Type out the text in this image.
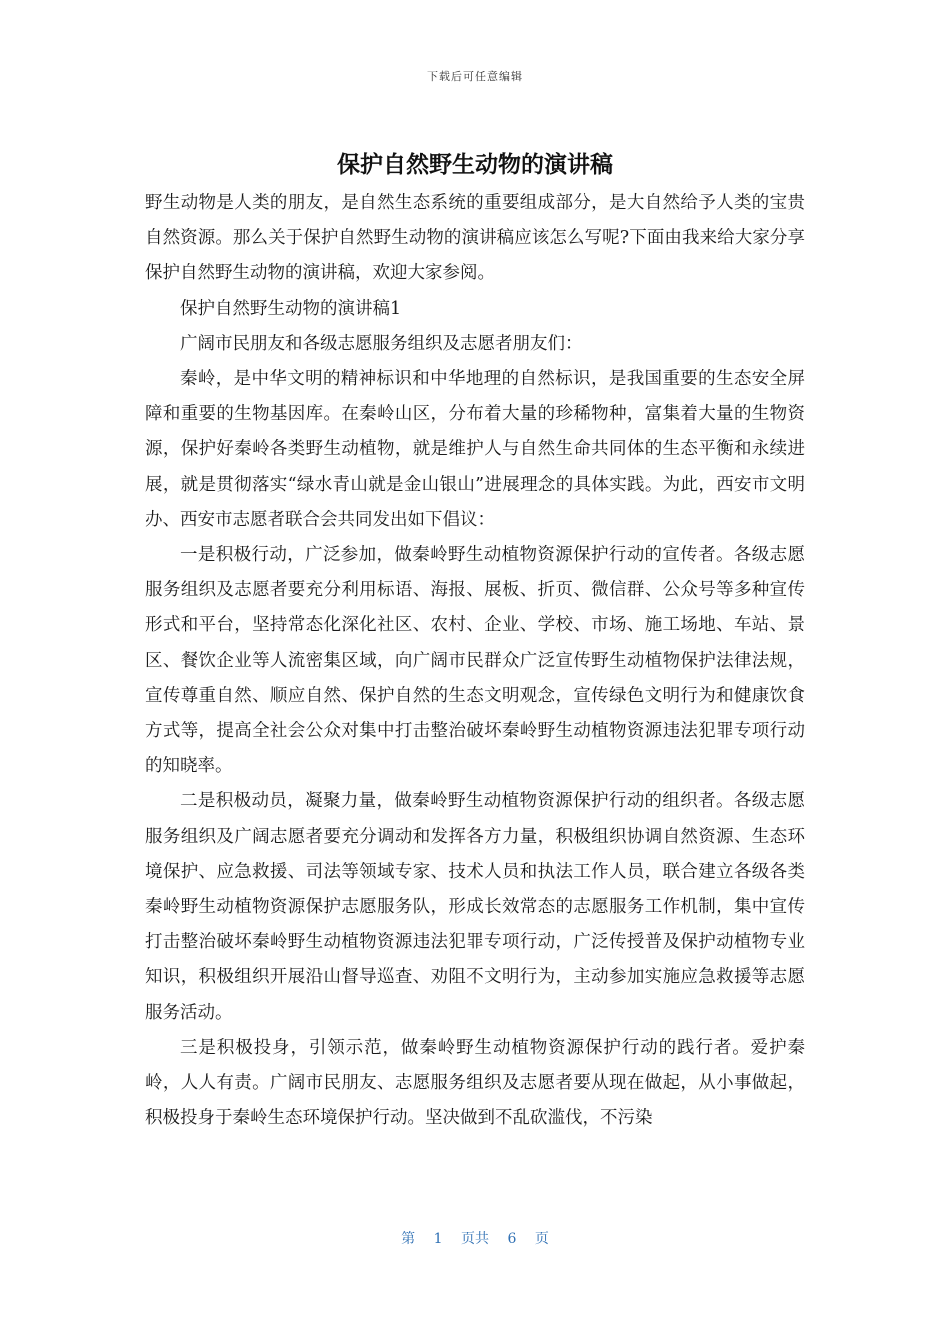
下载后可任意编辑
保护自然野生动物的演讲稿

野生动物是人类的朋友，是自然生态系统的重要组成部分，是大自然给予人类的宝贵自然资源。那么关于保护自然野生动物的演讲稿应该怎么写呢?下面由我来给大家分享保护自然野生动物的演讲稿，欢迎大家参阅。

保护自然野生动物的演讲稿1

广阔市民朋友和各级志愿服务组织及志愿者朋友们：

秦岭，是中华文明的精神标识和中华地理的自然标识，是我国重要的生态安全屏障和重要的生物基因库。在秦岭山区，分布着大量的珍稀物种，富集着大量的生物资源，保护好秦岭各类野生动植物，就是维护人与自然生命共同体的生态平衡和永续进展，就是贯彻落实“绿水青山就是金山银山”进展理念的具体实践。为此，西安市文明办、西安市志愿者联合会共同发出如下倡议：

一是积极行动，广泛参加，做秦岭野生动植物资源保护行动的宣传者。各级志愿服务组织及志愿者要充分利用标语、海报、展板、折页、微信群、公众号等多种宣传形式和平台，坚持常态化深化社区、农村、企业、学校、市场、施工场地、车站、景区、餐饮企业等人流密集区域，向广阔市民群众广泛宣传野生动植物保护法律法规，宣传尊重自然、顺应自然、保护自然的生态文明观念，宣传绿色文明行为和健康饮食方式等，提高全社会公众对集中打击整治破坏秦岭野生动植物资源违法犯罪专项行动的知晓率。

二是积极动员，凝聚力量，做秦岭野生动植物资源保护行动的组织者。各级志愿服务组织及广阔志愿者要充分调动和发挥各方力量，积极组织协调自然资源、生态环境保护、应急救援、司法等领域专家、技术人员和执法工作人员，联合建立各级各类秦岭野生动植物资源保护志愿服务队，形成长效常态的志愿服务工作机制，集中宣传打击整治破坏秦岭野生动植物资源违法犯罪专项行动，广泛传授普及保护动植物专业知识，积极组织开展沿山督导巡查、劝阻不文明行为，主动参加实施应急救援等志愿服务活动。

三是积极投身，引领示范，做秦岭野生动植物资源保护行动的践行者。爱护秦岭，人人有责。广阔市民朋友、志愿服务组织及志愿者要从现在做起，从小事做起，积极投身于秦岭生态环境保护行动。坚决做到不乱砍滥伐，不污染

第 1 页共 6 页
